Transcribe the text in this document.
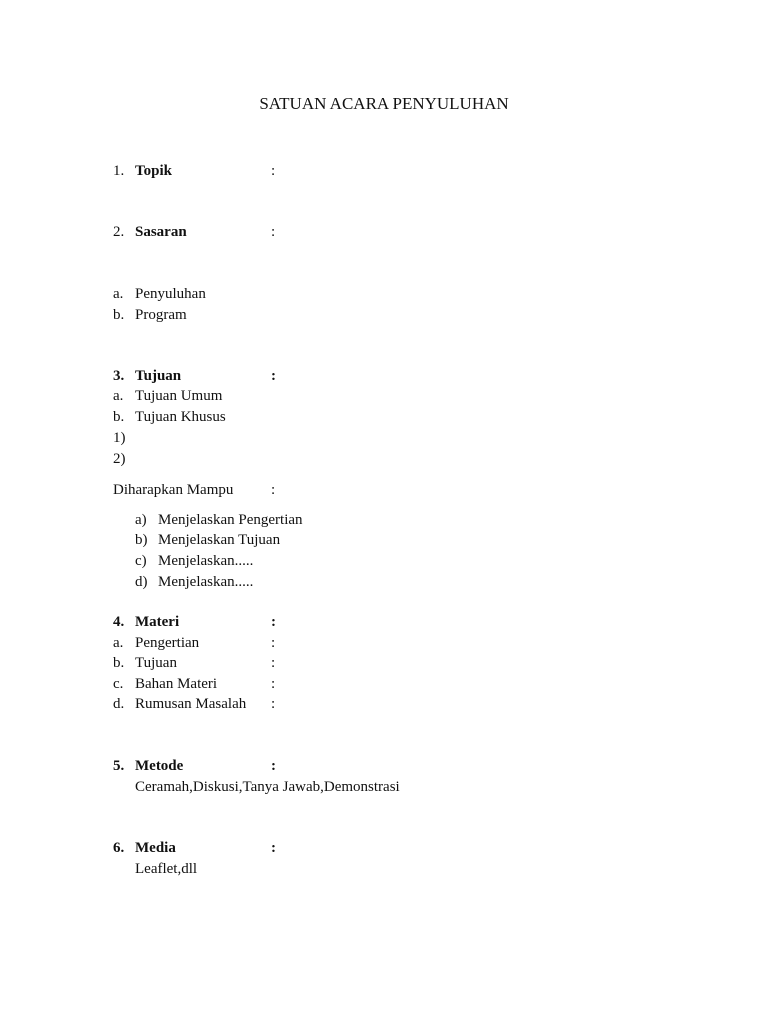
SATUAN ACARA PENYULUHAN
1. Topik	:
2. Sasaran	:
a. Penyuluhan
b. Program
3. Tujuan	:
a. Tujuan Umum
b. Tujuan Khusus
1)
2)
Diharapkan Mampu	:
a) Menjelaskan Pengertian
b) Menjelaskan Tujuan
c) Menjelaskan.....
d) Menjelaskan.....
4. Materi	:
a. Pengertian	:
b. Tujuan	:
c. Bahan Materi	:
d. Rumusan Masalah :
5. Metode	:
Ceramah,Diskusi,Tanya Jawab,Demonstrasi
6. Media	:
Leaflet,dll
